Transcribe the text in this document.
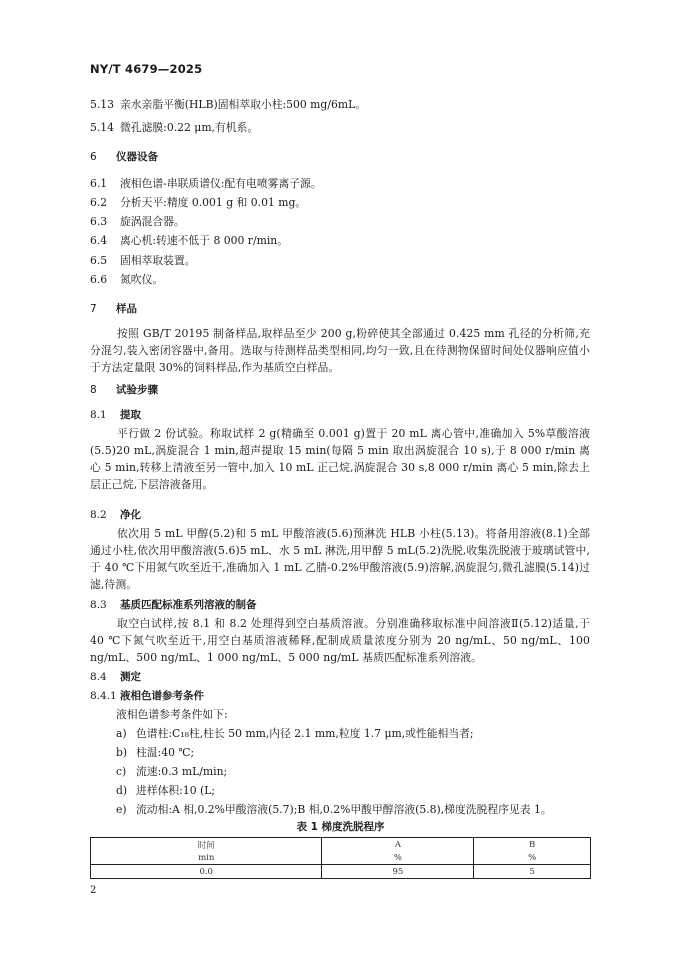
NY/T 4679—2025
5.13 亲水亲脂平衡(HLB)固相萃取小柱:500 mg/6mL。
5.14 微孔滤膜:0.22 μm,有机系。
6 仪器设备
6.1 液相色谱-串联质谱仪:配有电喷雾离子源。
6.2 分析天平:精度 0.001 g 和 0.01 mg。
6.3 旋涡混合器。
6.4 离心机:转速不低于 8 000 r/min。
6.5 固相萃取装置。
6.6 氮吹仪。
7 样品

按照 GB/T 20195 制备样品,取样品至少 200 g,粉碎使其全部通过 0.425 mm 孔径的分析筛,充分混匀,装入密闭容器中,备用。选取与待测样品类型相同,均匀一致,且在待测物保留时间处仪器响应值小于方法定量限 30%的饲料样品,作为基质空白样品。

8 试验步骤
8.1 提取

平行做 2 份试验。称取试样 2 g(精确至 0.001 g)置于 20 mL 离心管中,准确加入 5%草酸溶液(5.5)20 mL,涡旋混合 1 min,超声提取 15 min(每隔 5 min 取出涡旋混合 10 s),于 8 000 r/min 离心 5 min,转移上清液至另一管中,加入 10 mL 正己烷,涡旋混合 30 s,8 000 r/min 离心 5 min,除去上层正己烷,下层溶液备用。

8.2 净化

依次用 5 mL 甲醇(5.2)和 5 mL 甲酸溶液(5.6)预淋洗 HLB 小柱(5.13)。将备用溶液(8.1)全部通过小柱,依次用甲酸溶液(5.6)5 mL、水 5 mL 淋洗,用甲醇 5 mL(5.2)洗脱,收集洗脱液于玻璃试管中,于 40 ℃下用氮气吹至近干,准确加入 1 mL 乙腈-0.2%甲酸溶液(5.9)溶解,涡旋混匀,微孔滤膜(5.14)过滤,待测。

8.3 基质匹配标准系列溶液的制备

取空白试样,按 8.1 和 8.2 处理得到空白基质溶液。分别准确移取标准中间溶液Ⅱ(5.12)适量,于 40 ℃下氮气吹至近干,用空白基质溶液稀释,配制成质量浓度分别为 20 ng/mL、50 ng/mL、100 ng/mL、500 ng/mL、1 000 ng/mL、5 000 ng/mL 基质匹配标准系列溶液。

8.4 测定
8.4.1 液相色谱参考条件
液相色谱参考条件如下:
a) 色谱柱:C₁₈柱,柱长 50 mm,内径 2.1 mm,粒度 1.7 μm,或性能相当者;
b) 柱温:40 ℃;
c) 流速:0.3 mL/min;
d) 进样体积:10 (L;
e) 流动相:A 相,0.2%甲酸溶液(5.7);B 相,0.2%甲酸甲醇溶液(5.8),梯度洗脱程序见表 1。
表 1 梯度洗脱程序
时间	A	B
min	%	%
0.0	95	5
2
